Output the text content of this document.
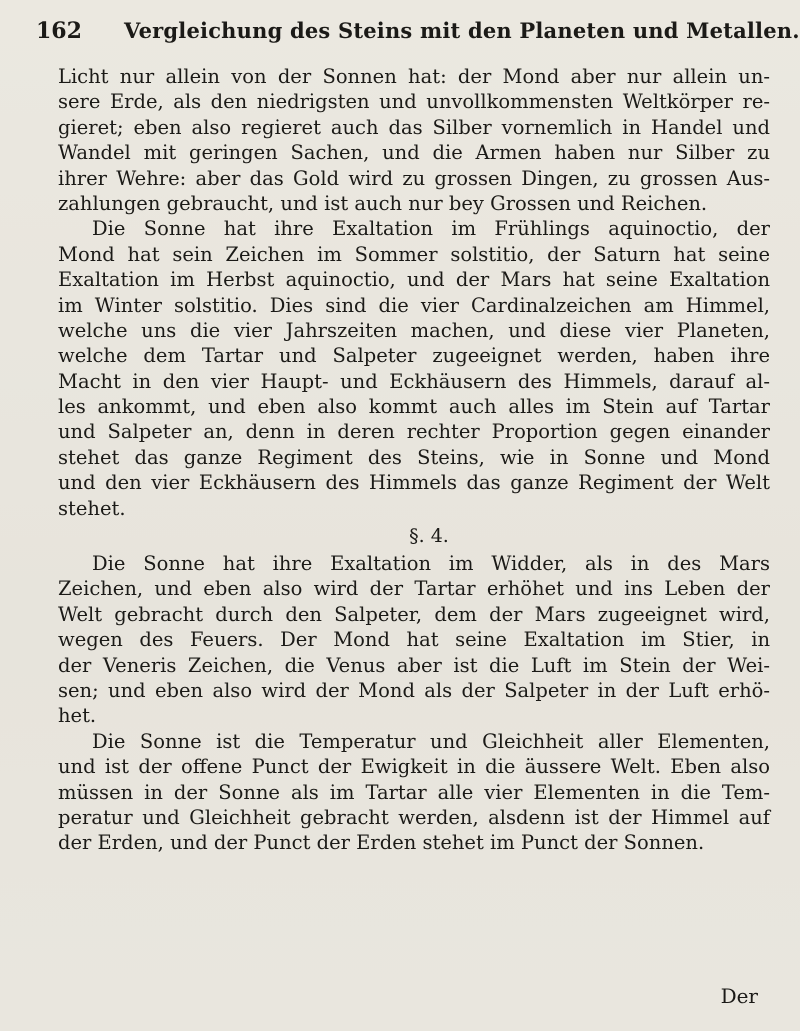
162 Vergleichung des Steins mit den Planeten und Metallen.
Licht nur allein von der Sonnen hat: der Mond aber nur allein un-
sere Erde, als den niedrigsten und unvollkommensten Weltkörper re-
gieret; eben also regieret auch das Silber vornemlich in Handel und
Wandel mit geringen Sachen, und die Armen haben nur Silber zu
ihrer Wehre: aber das Gold wird zu grossen Dingen, zu grossen Aus-
zahlungen gebraucht, und ist auch nur bey Grossen und Reichen.
Die Sonne hat ihre Exaltation im Frühlings aquinoctio, der
Mond hat sein Zeichen im Sommer solstitio, der Saturn hat seine
Exaltation im Herbst aquinoctio, und der Mars hat seine Exaltation
im Winter solstitio. Dies sind die vier Cardinalzeichen am Himmel,
welche uns die vier Jahrszeiten machen, und diese vier Planeten,
welche dem Tartar und Salpeter zugeeignet werden, haben ihre
Macht in den vier Haupt- und Eckhäusern des Himmels, darauf al-
les ankommt, und eben also kommt auch alles im Stein auf Tartar
und Salpeter an, denn in deren rechter Proportion gegen einander
stehet das ganze Regiment des Steins, wie in Sonne und Mond
und den vier Eckhäusern des Himmels das ganze Regiment der Welt
stehet.
§. 4.
Die Sonne hat ihre Exaltation im Widder, als in des Mars
Zeichen, und eben also wird der Tartar erhöhet und ins Leben der
Welt gebracht durch den Salpeter, dem der Mars zugeeignet wird,
wegen des Feuers. Der Mond hat seine Exaltation im Stier, in
der Veneris Zeichen, die Venus aber ist die Luft im Stein der Wei-
sen; und eben also wird der Mond als der Salpeter in der Luft erhö-
het.
Die Sonne ist die Temperatur und Gleichheit aller Elementen,
und ist der offene Punct der Ewigkeit in die äussere Welt. Eben also
müssen in der Sonne als im Tartar alle vier Elementen in die Tem-
peratur und Gleichheit gebracht werden, alsdenn ist der Himmel auf
der Erden, und der Punct der Erden stehet im Punct der Sonnen.
Der
